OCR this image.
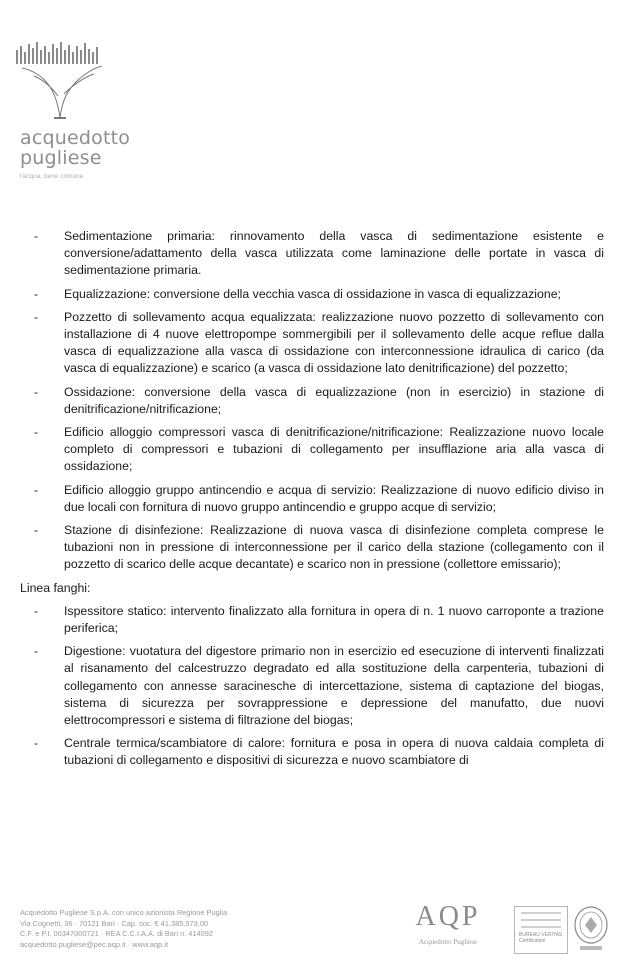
acquedotto
pugliese
l'acqua, bene comune
-	Sedimentazione primaria: rinnovamento della vasca di sedimentazione esistente e conversione/adattamento della vasca utilizzata come laminazione delle portate in vasca di sedimentazione primaria.
-	Equalizzazione: conversione della vecchia vasca di ossidazione in vasca di equalizzazione;
-	Pozzetto di sollevamento acqua equalizzata: realizzazione nuovo pozzetto di sollevamento con installazione di 4 nuove elettropompe sommergibili per il sollevamento delle acque reflue dalla vasca di equalizzazione alla vasca di ossidazione con interconnessione idraulica di carico (da vasca di equalizzazione) e scarico (a vasca di ossidazione lato denitrificazione) del pozzetto;
-	Ossidazione: conversione della vasca di equalizzazione (non in esercizio) in stazione di denitrificazione/nitrificazione;
-	Edificio alloggio compressori vasca di denitrificazione/nitrificazione: Realizzazione nuovo locale completo di compressori e tubazioni di collegamento per insufflazione aria alla vasca di ossidazione;
-	Edificio alloggio gruppo antincendio e acqua di servizio: Realizzazione di nuovo edificio diviso in due locali con fornitura di nuovo gruppo antincendio e gruppo acque di servizio;
-	Stazione di disinfezione: Realizzazione di nuova vasca di disinfezione completa comprese le tubazioni non in pressione di interconnessione per il carico della stazione (collegamento con il pozzetto di scarico delle acque decantate) e scarico non in pressione (collettore emissario);
Linea fanghi:
-	Ispessitore statico: intervento finalizzato alla fornitura in opera di n. 1 nuovo carroponte a trazione periferica;
-	Digestione: vuotatura del digestore primario non in esercizio ed esecuzione di interventi finalizzati al risanamento del calcestruzzo degradato ed alla sostituzione della carpenteria, tubazioni di collegamento con annesse saracinesche di intercettazione, sistema di captazione del biogas, sistema di sicurezza per sovrappressione e depressione del manufatto, due nuovi elettrocompressori e sistema di filtrazione del biogas;
-	Centrale termica/scambiatore di calore: fornitura e posa in opera di nuova caldaia completa di tubazioni di collegamento e dispositivi di sicurezza e nuovo scambiatore di
Acquedotto Pugliese S.p.A. con unico azionista Regione Puglia
Via Cognetti, 36 · 70121 Bari · Cap. soc. € 41.385.573,00
C.F. e P.I. 00347000721 · REA C.C.I.A.A. di Bari n. 414092
acquedotto.pugliese@pec.aqp.it · www.aqp.it
AQP
Acquedotto Pugliese
BUREAU VERITAS Certification
